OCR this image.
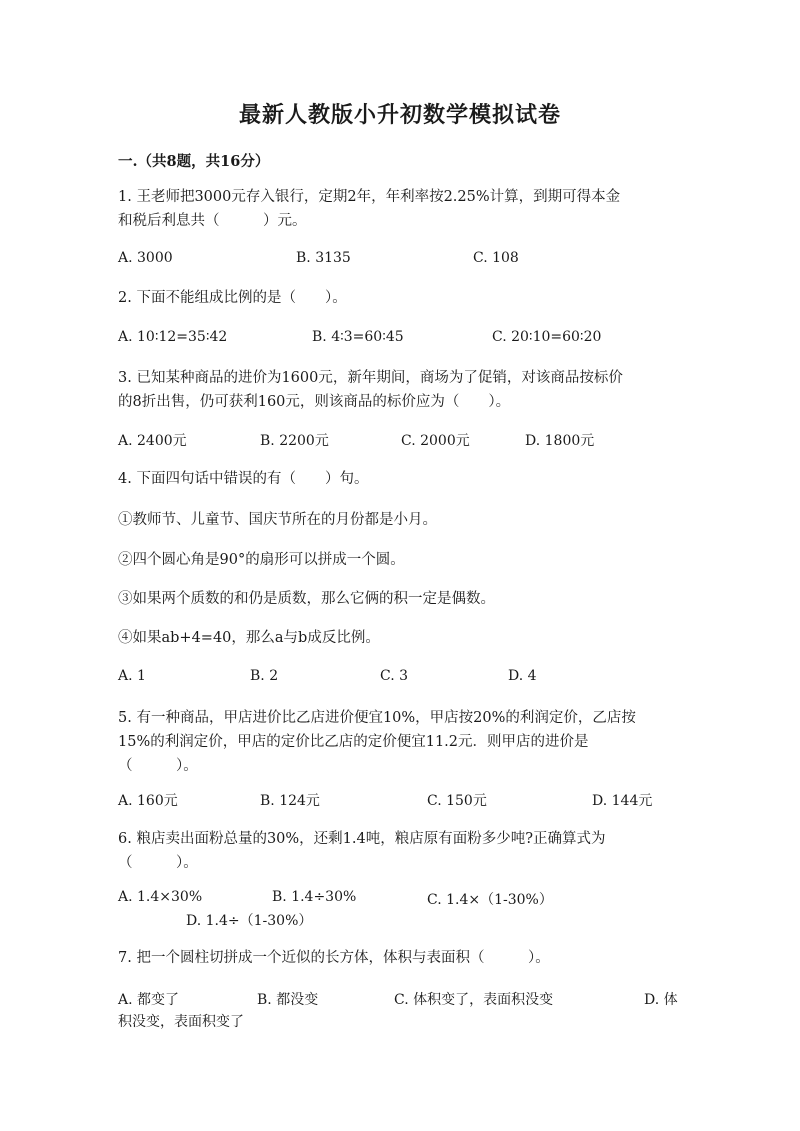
最新人教版小升初数学模拟试卷
一.（共8题，共16分）
1. 王老师把3000元存入银行，定期2年，年利率按2.25%计算，到期可得本金
和税后利息共（　　　）元。
A. 3000	B. 3135	C. 108
2. 下面不能组成比例的是（　　）。
A. 10∶12=35∶42	B. 4∶3=60∶45	C. 20∶10=60∶20
3. 已知某种商品的进价为1600元，新年期间，商场为了促销，对该商品按标价
的8折出售，仍可获利160元，则该商品的标价应为（　　）。
A. 2400元	B. 2200元	C. 2000元	D. 1800元
4. 下面四句话中错误的有（　　）句。
①教师节、儿童节、国庆节所在的月份都是小月。
②四个圆心角是90°的扇形可以拼成一个圆。
③如果两个质数的和仍是质数，那么它俩的积一定是偶数。
④如果ab+4=40，那么a与b成反比例。
A. 1	B. 2	C. 3	D. 4
5. 有一种商品，甲店进价比乙店进价便宜10%，甲店按20%的利润定价，乙店按
15%的利润定价，甲店的定价比乙店的定价便宜11.2元．则甲店的进价是
（　　　）。
A. 160元	B. 124元	C. 150元	D. 144元
6. 粮店卖出面粉总量的30%，还剩1.4吨，粮店原有面粉多少吨?正确算式为
（　　　）。
A. 1.4×30%	B. 1.4÷30%	C. 1.4×（1-30%）
D. 1.4÷（1-30%）
7. 把一个圆柱切拼成一个近似的长方体，体积与表面积（　　　）。
A. 都变了	B. 都没变	C. 体积变了，表面积没变	D. 体
积没变，表面积变了
